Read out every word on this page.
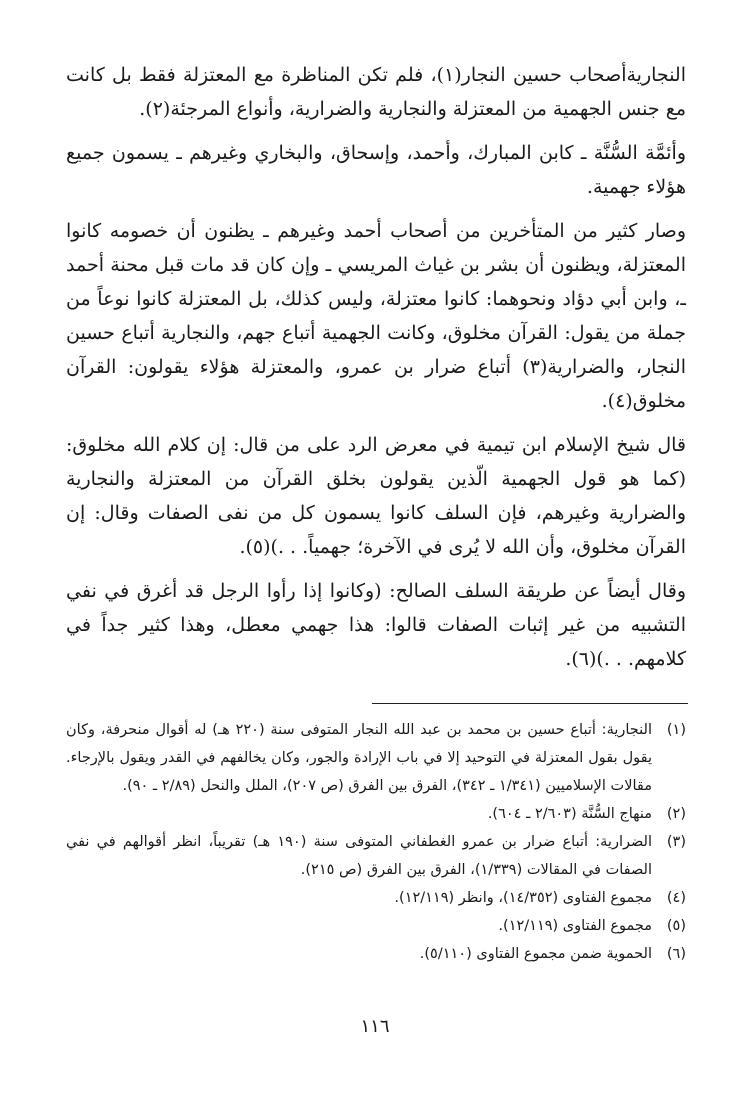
النجاريةأصحاب حسين النجار(١)، فلم تكن المناظرة مع المعتزلة فقط بل كانت مع جنس الجهمية من المعتزلة والنجارية والضرارية، وأنواع المرجئة(٢).

وأئمَّة السُّنَّة ـ كابن المبارك، وأحمد، وإسحاق، والبخاري وغيرهم ـ يسمون جميع هؤلاء جهمية.

وصار كثير من المتأخرين من أصحاب أحمد وغيرهم ـ يظنون أن خصومه كانوا المعتزلة، ويظنون أن بشر بن غياث المريسي ـ وإن كان قد مات قبل محنة أحمد ـ، وابن أبي دؤاد ونحوهما: كانوا معتزلة، وليس كذلك، بل المعتزلة كانوا نوعاً من جملة من يقول: القرآن مخلوق، وكانت الجهمية أتباع جهم، والنجارية أتباع حسين النجار، والضرارية(٣) أتباع ضرار بن عمرو، والمعتزلة هؤلاء يقولون: القرآن مخلوق(٤).

قال شيخ الإسلام ابن تيمية في معرض الرد على من قال: إن كلام الله مخلوق: (كما هو قول الجهمية الّذين يقولون بخلق القرآن من المعتزلة والنجارية والضرارية وغيرهم، فإن السلف كانوا يسمون كل من نفى الصفات وقال: إن القرآن مخلوق، وأن الله لا يُرى في الآخرة؛ جهمياً. . .)(٥).

وقال أيضاً عن طريقة السلف الصالح: (وكانوا إذا رأوا الرجل قد أغرق في نفي التشبيه من غير إثبات الصفات قالوا: هذا جهمي معطل، وهذا كثير جداً في كلامهم. . .)(٦).

(١)
النجارية: أتباع حسين بن محمد بن عبد الله النجار المتوفى سنة (٢٢٠ هـ) له أقوال منحرفة، وكان يقول بقول المعتزلة في التوحيد إلا في باب الإرادة والجور، وكان يخالفهم في القدر ويقول بالإرجاء. مقالات الإسلاميين (١/٣٤١ ـ ٣٤٢)، الفرق بين الفرق (ص ٢٠٧)، الملل والنحل (٢/٨٩ ـ ٩٠).
(٢)
منهاج السُّنَّة (٢/٦٠٣ ـ ٦٠٤).
(٣)
الضرارية: أتباع ضرار بن عمرو الغطفاني المتوفى سنة (١٩٠ هـ) تقريباً، انظر أقوالهم في نفي الصفات في المقالات (١/٣٣٩)، الفرق بين الفرق (ص ٢١٥).
(٤)
مجموع الفتاوى (١٤/٣٥٢)، وانظر (١٢/١١٩).
(٥)
مجموع الفتاوى (١٢/١١٩).
(٦)
الحموية ضمن مجموع الفتاوى (٥/١١٠).
١١٦
